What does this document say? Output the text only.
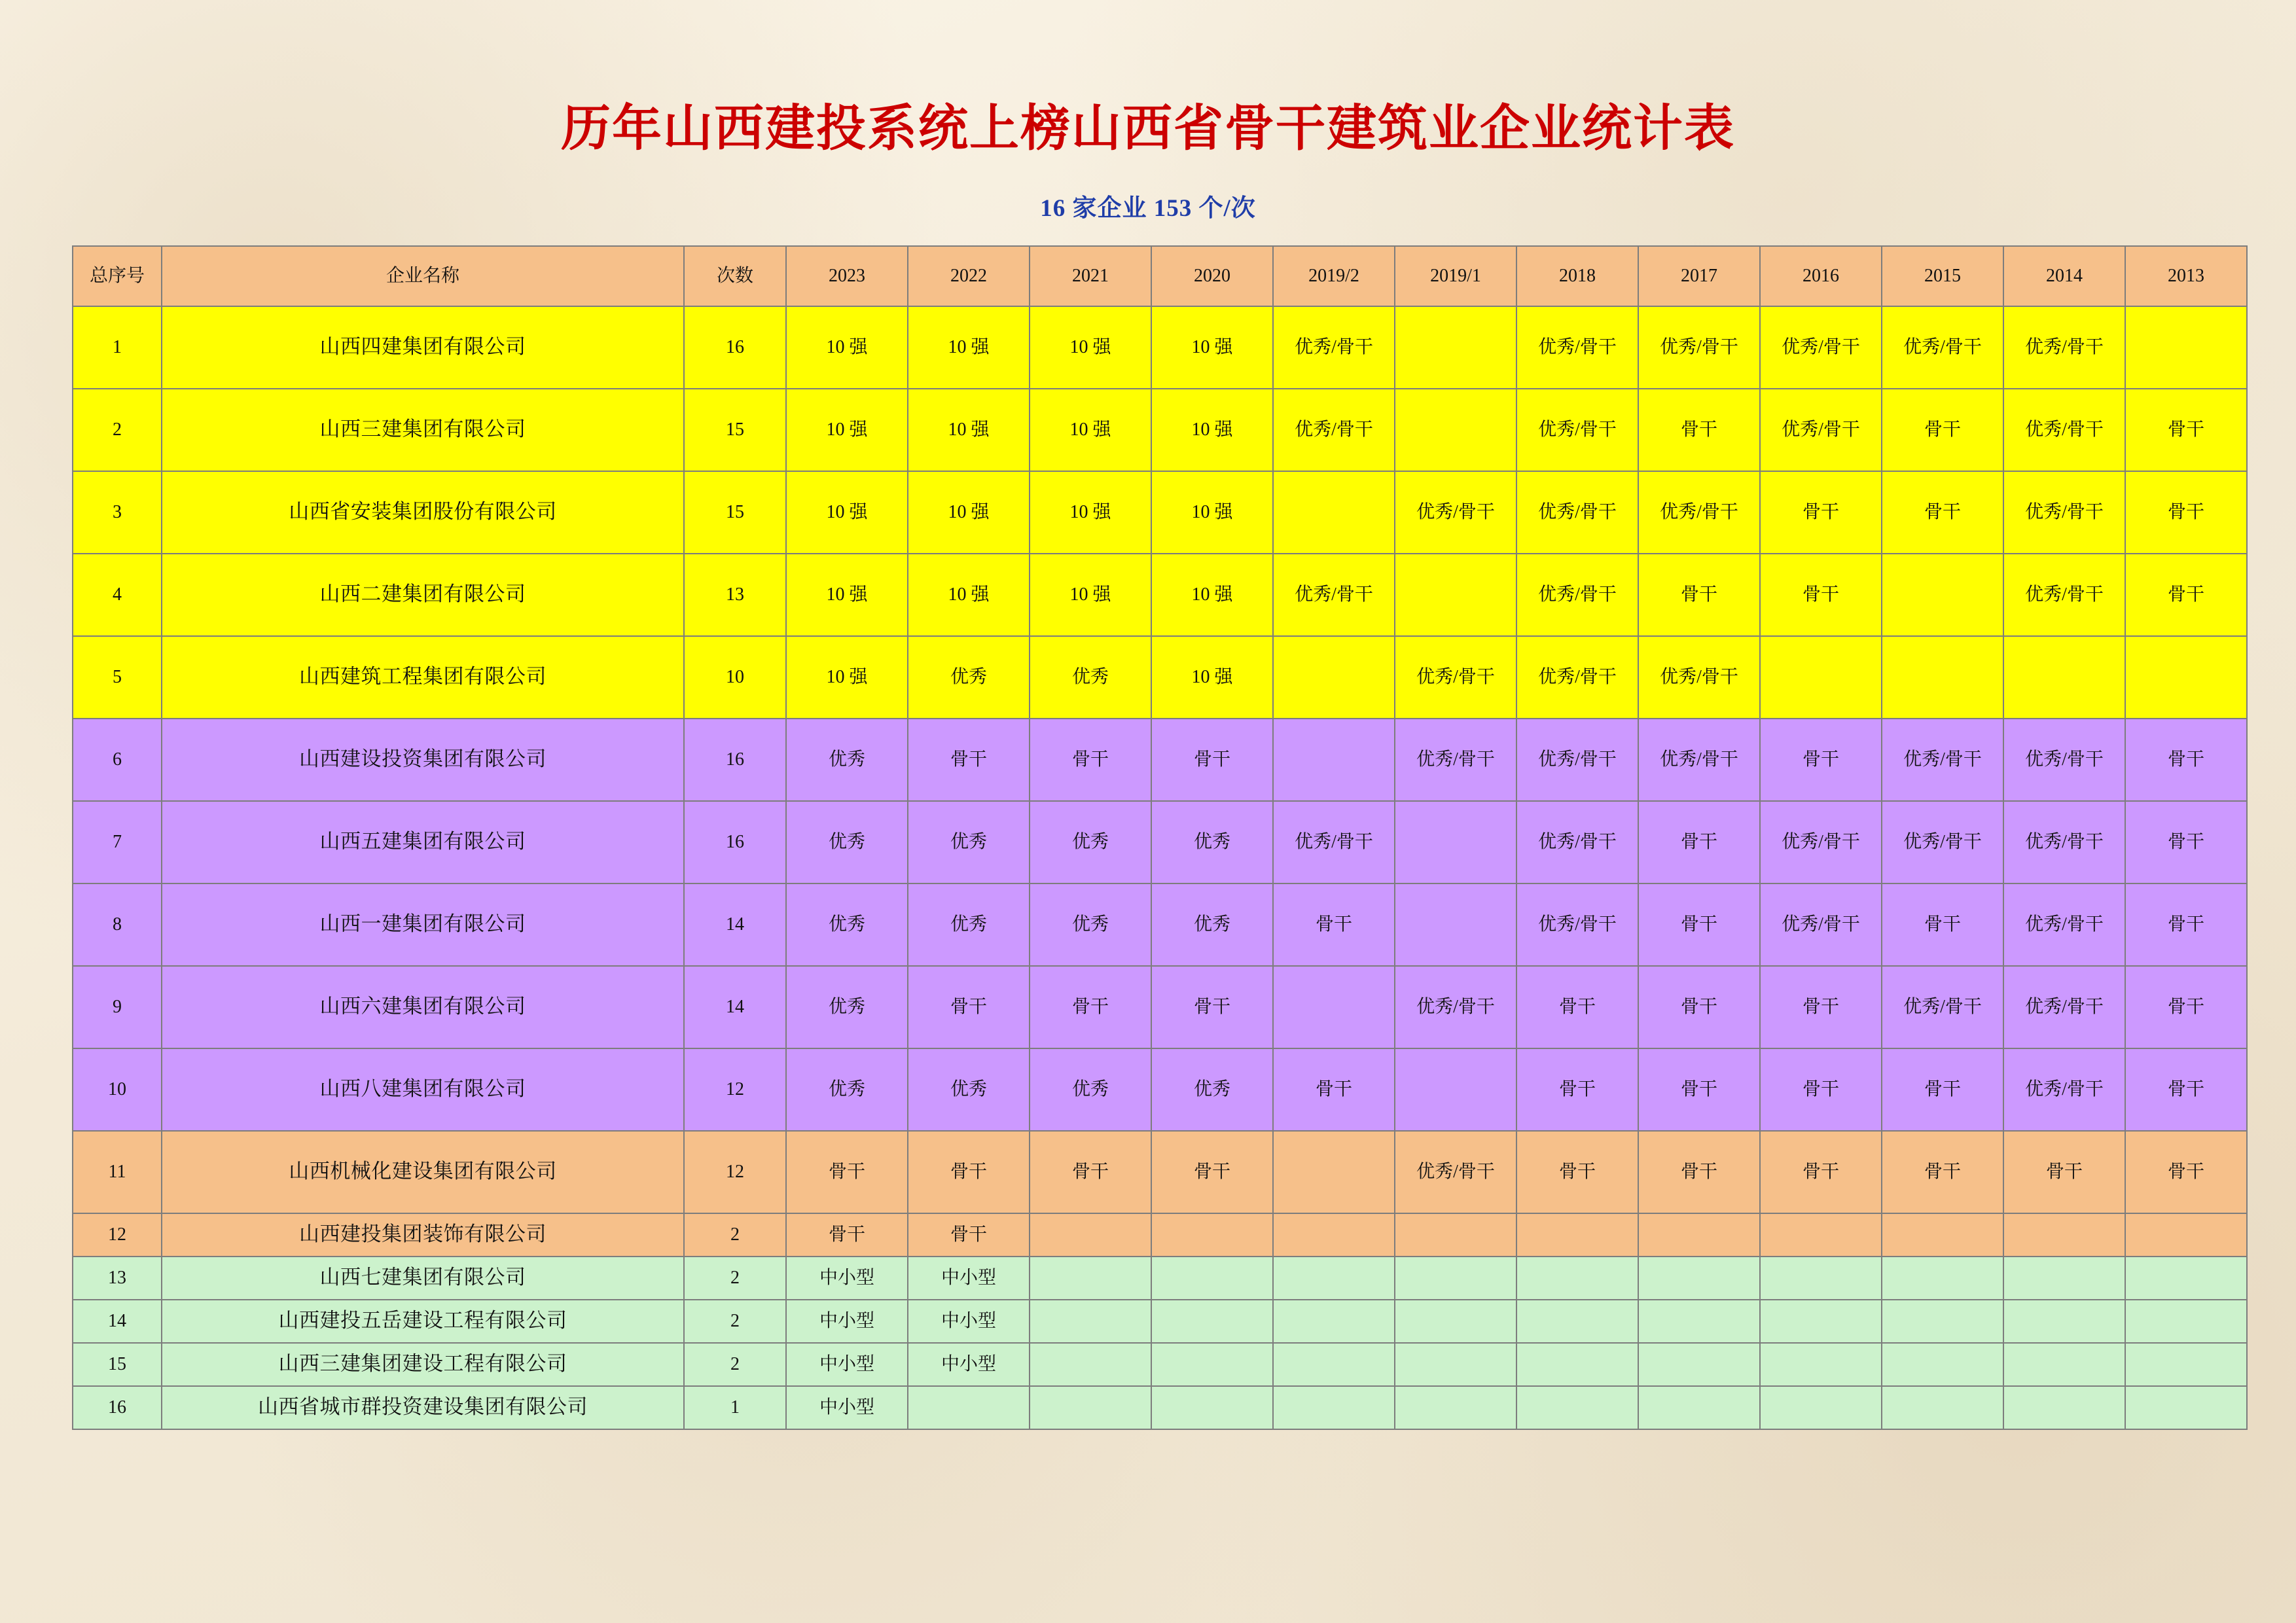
历年山西建投系统上榜山西省骨干建筑业企业统计表
16 家企业 153 个/次
总序号	企业名称	次数	2023	2022	2021	2020	2019/2	2019/1	2018	2017	2016	2015	2014	2013
1	山西四建集团有限公司	16	10 强	10 强	10 强	10 强	优秀/骨干		优秀/骨干	优秀/骨干	优秀/骨干	优秀/骨干	优秀/骨干	
2	山西三建集团有限公司	15	10 强	10 强	10 强	10 强	优秀/骨干		优秀/骨干	骨干	优秀/骨干	骨干	优秀/骨干	骨干
3	山西省安装集团股份有限公司	15	10 强	10 强	10 强	10 强		优秀/骨干	优秀/骨干	优秀/骨干	骨干	骨干	优秀/骨干	骨干
4	山西二建集团有限公司	13	10 强	10 强	10 强	10 强	优秀/骨干		优秀/骨干	骨干	骨干		优秀/骨干	骨干
5	山西建筑工程集团有限公司	10	10 强	优秀	优秀	10 强		优秀/骨干	优秀/骨干	优秀/骨干				
6	山西建设投资集团有限公司	16	优秀	骨干	骨干	骨干		优秀/骨干	优秀/骨干	优秀/骨干	骨干	优秀/骨干	优秀/骨干	骨干
7	山西五建集团有限公司	16	优秀	优秀	优秀	优秀	优秀/骨干		优秀/骨干	骨干	优秀/骨干	优秀/骨干	优秀/骨干	骨干
8	山西一建集团有限公司	14	优秀	优秀	优秀	优秀	骨干		优秀/骨干	骨干	优秀/骨干	骨干	优秀/骨干	骨干
9	山西六建集团有限公司	14	优秀	骨干	骨干	骨干		优秀/骨干	骨干	骨干	骨干	优秀/骨干	优秀/骨干	骨干
10	山西八建集团有限公司	12	优秀	优秀	优秀	优秀	骨干		骨干	骨干	骨干	骨干	优秀/骨干	骨干
11	山西机械化建设集团有限公司	12	骨干	骨干	骨干	骨干		优秀/骨干	骨干	骨干	骨干	骨干	骨干	骨干
12	山西建投集团装饰有限公司	2	骨干	骨干										
13	山西七建集团有限公司	2	中小型	中小型										
14	山西建投五岳建设工程有限公司	2	中小型	中小型										
15	山西三建集团建设工程有限公司	2	中小型	中小型										
16	山西省城市群投资建设集团有限公司	1	中小型											
